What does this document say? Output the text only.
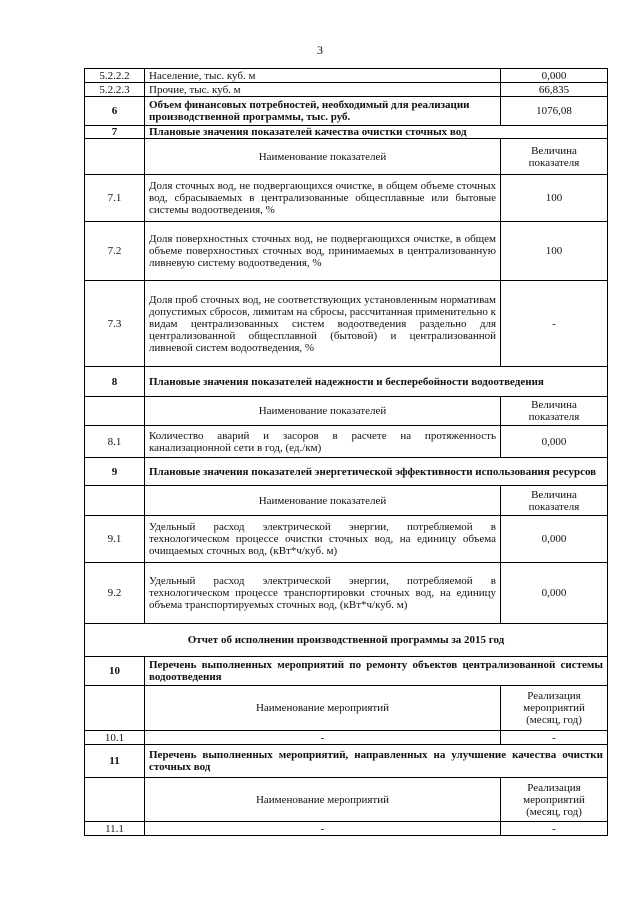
3
5.2.2.2	Население, тыс. куб. м	0,000
5.2.2.3	Прочие, тыс. куб. м	66,835
6	Объем финансовых потребностей, необходимый для реализации производственной программы, тыс. руб.	1076,08
7	Плановые значения показателей качества очистки сточных вод	
	Наименование показателей	Величина показателя
7.1	Доля сточных вод, не подвергающихся очистке, в общем объеме сточных вод, сбрасываемых в централизованные общесплавные или бытовые системы водоотведения, %	100
7.2	Доля поверхностных сточных вод, не подвергающихся очистке, в общем объеме поверхностных сточных вод, принимаемых в централизованную ливневую систему водоотведения, %	100
7.3	Доля проб сточных вод, не соответствующих установленным нормативам допустимых сбросов, лимитам на сбросы, рассчитанная применительно к видам централизованных систем водоотведения раздельно для централизованной общесплавной (бытовой) и централизованной ливневой систем водоотведения, %	-
8	Плановые значения показателей надежности и бесперебойности водоотведения	
	Наименование показателей	Величина показателя
8.1	Количество аварий и засоров в расчете на протяженность канализационной сети в год, (ед./км)	0,000
9	Плановые значения показателей энергетической эффективности использования ресурсов	
	Наименование показателей	Величина показателя
9.1	Удельный расход электрической энергии, потребляемой в технологическом процессе очистки сточных вод, на единицу объема очищаемых сточных вод, (кВт*ч/куб. м)	0,000
9.2	Удельный расход электрической энергии, потребляемой в технологическом процессе транспортировки сточных вод, на единицу объема транспортируемых сточных вод, (кВт*ч/куб. м)	0,000
Отчет об исполнении производственной программы за 2015 год		
10	Перечень выполненных мероприятий по ремонту объектов централизованной системы водоотведения	
	Наименование мероприятий	Реализация мероприятий (месяц, год)
10.1	-	-
11	Перечень выполненных мероприятий, направленных на улучшение качества очистки сточных вод	
	Наименование мероприятий	Реализация мероприятий (месяц, год)
11.1	-	-
